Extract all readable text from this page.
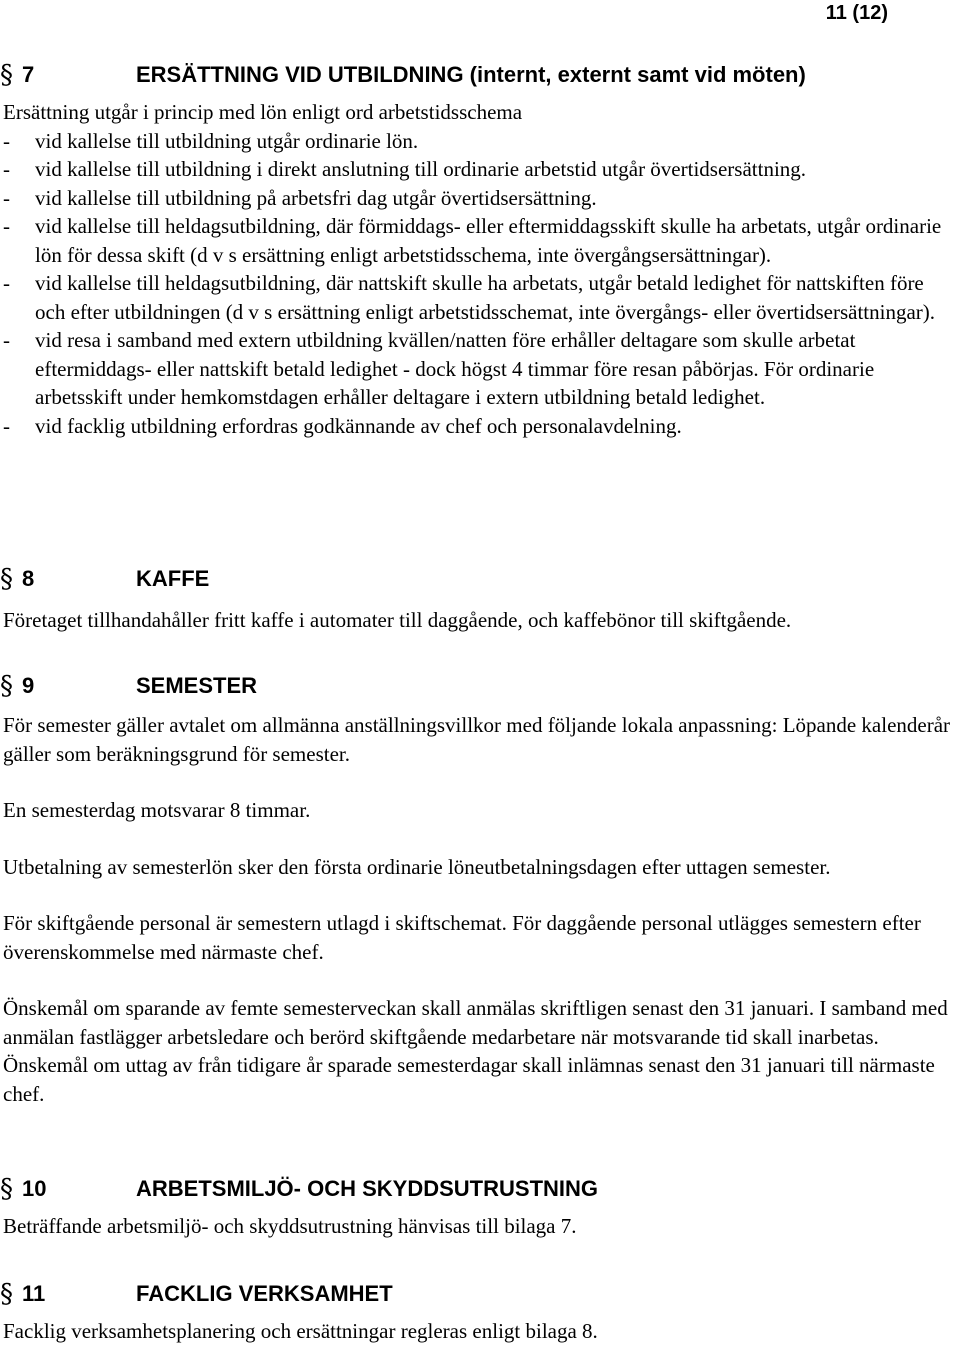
11 (12)
§ 7	ERSÄTTNING VID UTBILDNING (internt, externt samt vid möten)

Ersättning utgår i princip med lön enligt ord arbetstidsschema

- vid kallelse till utbildning utgår ordinarie lön.
- vid kallelse till utbildning i direkt anslutning till ordinarie arbetstid utgår övertidsersättning.
- vid kallelse till utbildning på arbetsfri dag utgår övertidsersättning.
- vid kallelse till heldagsutbildning, där förmiddags- eller eftermiddagsskift skulle ha arbetats, utgår ordinarie lön för dessa skift (d v s ersättning enligt arbetstidsschema, inte övergångsersättningar).
- vid kallelse till heldagsutbildning, där nattskift skulle ha arbetats, utgår betald ledighet för nattskiften före och efter utbildningen (d v s ersättning enligt arbetstidsschemat, inte övergångs- eller övertidsersättningar).
- vid resa i samband med extern utbildning kvällen/natten före erhåller deltagare som skulle arbetat eftermiddags- eller nattskift betald ledighet - dock högst 4 timmar före resan påbörjas. För ordinarie arbetsskift under hemkomstdagen erhåller deltagare i extern utbildning betald ledighet.
- vid facklig utbildning erfordras godkännande av chef och personalavdelning.
§ 8	KAFFE

Företaget tillhandahåller fritt kaffe i automater till daggående, och kaffebönor till skiftgående.

§ 9	SEMESTER

För semester gäller avtalet om allmänna anställningsvillkor med följande lokala anpassning: Löpande kalenderår gäller som beräkningsgrund för semester.

En semesterdag motsvarar 8 timmar.

Utbetalning av semesterlön sker den första ordinarie löneutbetalningsdagen efter uttagen semester.

För skiftgående personal är semestern utlagd i skiftschemat. För daggående personal utlägges semestern efter överenskommelse med närmaste chef.

Önskemål om sparande av femte semesterveckan skall anmälas skriftligen senast den 31 januari. I samband med anmälan fastlägger arbetsledare och berörd skiftgående medarbetare när motsvarande tid skall inarbetas. Önskemål om uttag av från tidigare år sparade semesterdagar skall inlämnas senast den 31 januari till närmaste chef.

§ 10	ARBETSMILJÖ- OCH SKYDDSUTRUSTNING

Beträffande arbetsmiljö- och skyddsutrustning hänvisas till bilaga 7.

§ 11	FACKLIG VERKSAMHET

Facklig verksamhetsplanering och ersättningar regleras enligt bilaga 8.
